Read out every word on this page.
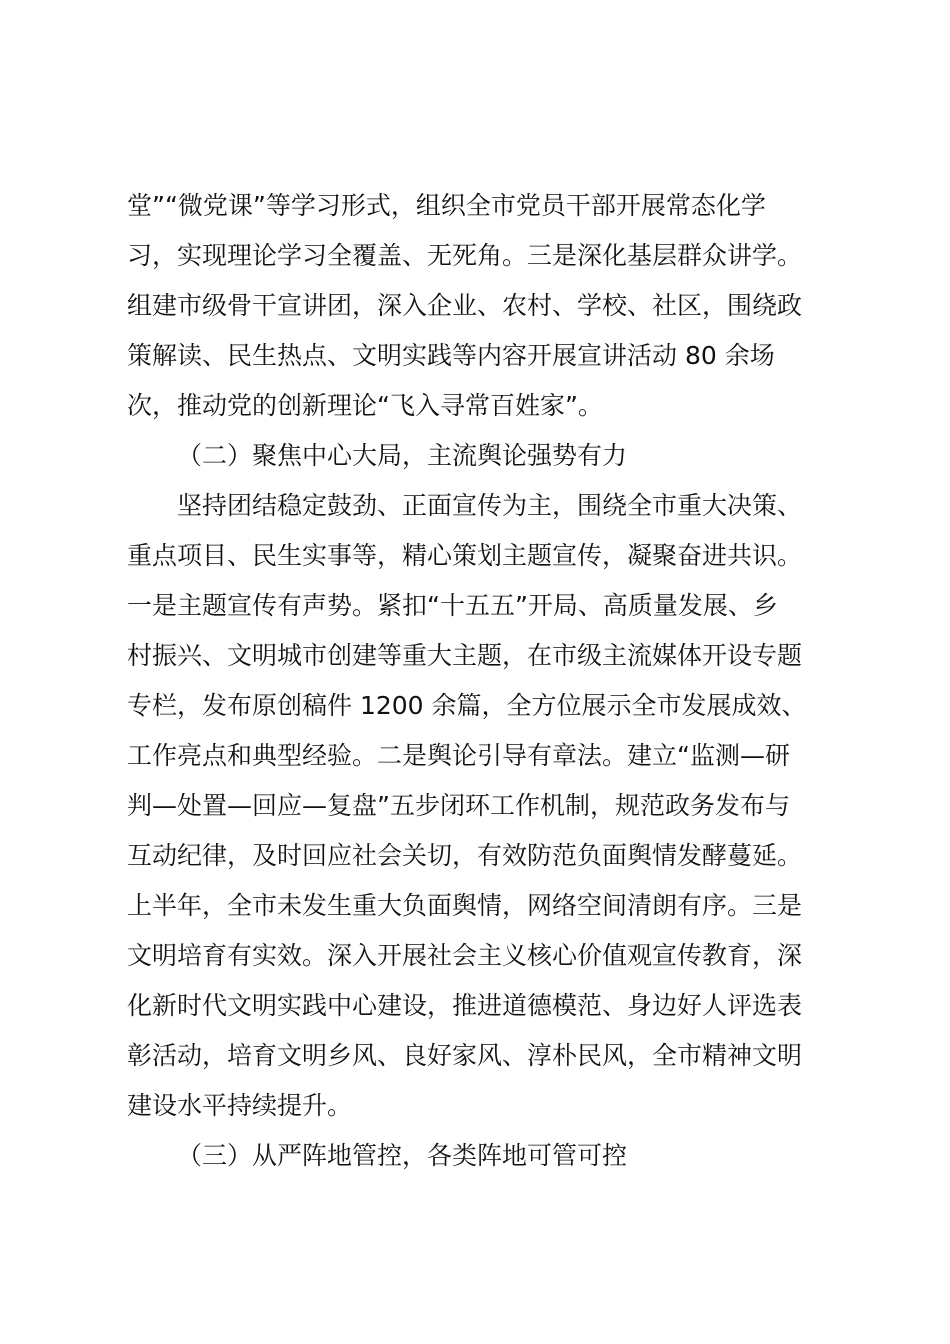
堂”“微党课”等学习形式，组织全市党员干部开展常态化学
习，实现理论学习全覆盖、无死角。三是深化基层群众讲学。
组建市级骨干宣讲团，深入企业、农村、学校、社区，围绕政
策解读、民生热点、文明实践等内容开展宣讲活动 80 余场
次，推动党的创新理论“飞入寻常百姓家”。
（二）聚焦中心大局，主流舆论强势有力
坚持团结稳定鼓劲、正面宣传为主，围绕全市重大决策、
重点项目、民生实事等，精心策划主题宣传，凝聚奋进共识。
一是主题宣传有声势。紧扣“十五五”开局、高质量发展、乡
村振兴、文明城市创建等重大主题，在市级主流媒体开设专题
专栏，发布原创稿件 1200 余篇，全方位展示全市发展成效、
工作亮点和典型经验。二是舆论引导有章法。建立“监测—研
判—处置—回应—复盘”五步闭环工作机制，规范政务发布与
互动纪律，及时回应社会关切，有效防范负面舆情发酵蔓延。
上半年，全市未发生重大负面舆情，网络空间清朗有序。三是
文明培育有实效。深入开展社会主义核心价值观宣传教育，深
化新时代文明实践中心建设，推进道德模范、身边好人评选表
彰活动，培育文明乡风、良好家风、淳朴民风，全市精神文明
建设水平持续提升。
（三）从严阵地管控，各类阵地可管可控
